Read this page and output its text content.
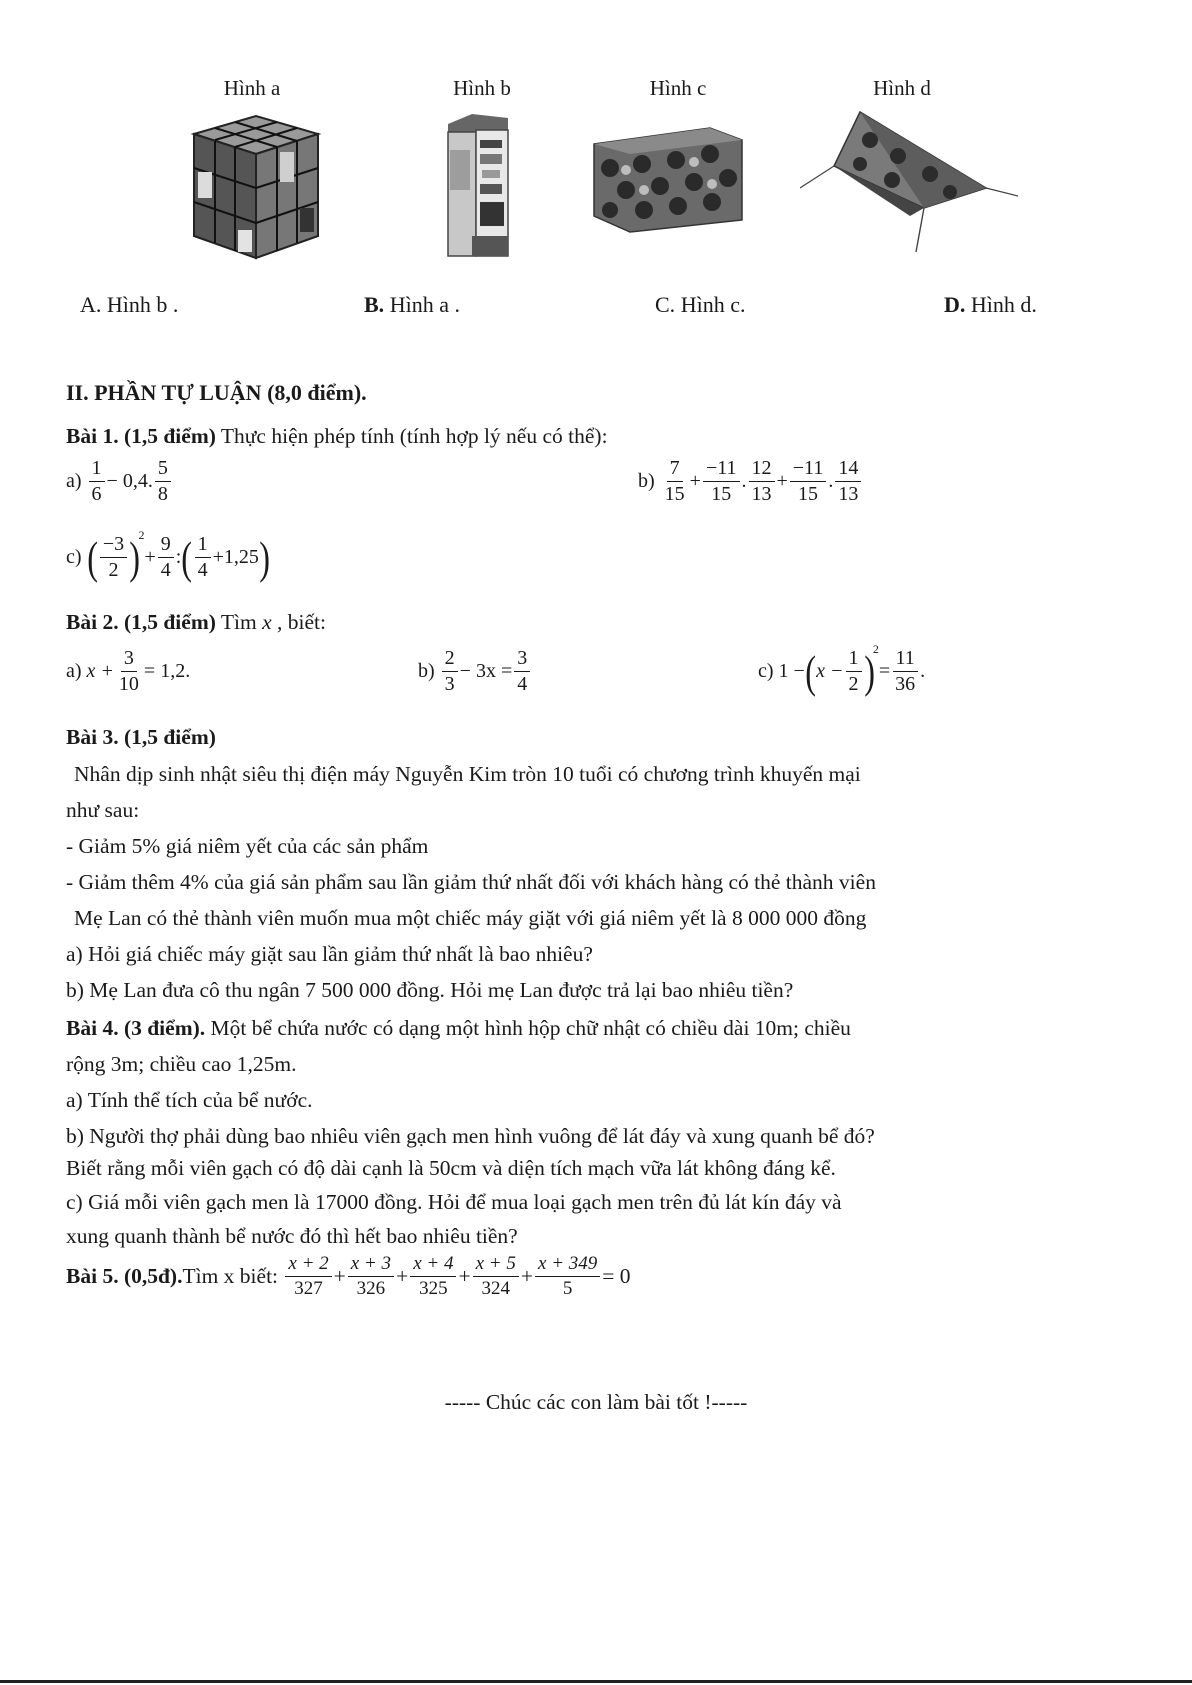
Hình a	Hình b	Hình c	Hình d
A. Hình b .	B. Hình a .	C. Hình c.	D. Hình d.
II. PHẦN TỰ LUẬN (8,0 điểm).
Bài 1. (1,5 điểm) Thực hiện phép tính (tính hợp lý nếu có thể):
a)
$\frac{1}{6} - 0,4$. $\frac{5}{8}$	b)
$\frac{7}{15} + \frac{-11}{15}$ . $\frac{12}{13} + \frac{-11}{15}$ . $\frac{14}{13}$
c)
( $\frac{-3}{2}$ )
2
+ $\frac{9}{4}$ : ( $\frac{1}{4} +1,25$ )
Bài 2. (1,5 điểm) Tìm x , biết:
a)
$x + \frac{3}{10} = 1,2$.	b)
$\frac{2}{3} - 3x = \frac{3}{4}$	c)
1 − ( $x - \frac{1}{2}$ )
2
= $\frac{11}{36}$ .
Bài 3. (1,5 điểm)
Nhân dịp sinh nhật siêu thị điện máy Nguyễn Kim tròn 10 tuổi có chương trình khuyến mại
như sau:
- Giảm 5% giá niêm yết của các sản phẩm
- Giảm thêm 4% của giá sản phẩm sau lần giảm thứ nhất đối với khách hàng có thẻ thành viên
Mẹ Lan có thẻ thành viên muốn mua một chiếc máy giặt với giá niêm yết là 8 000 000 đồng
a) Hỏi giá chiếc máy giặt sau lần giảm thứ nhất là bao nhiêu?
b) Mẹ Lan đưa cô thu ngân 7 500 000 đồng. Hỏi mẹ Lan được trả lại bao nhiêu tiền?
Bài 4. (3 điểm). Một bể chứa nước có dạng một hình hộp chữ nhật có chiều dài 10m; chiều
rộng 3m; chiều cao 1,25m.
a) Tính thể tích của bể nước.
b) Người thợ phải dùng bao nhiêu viên gạch men hình vuông để lát đáy và xung quanh bể đó?
Biết rằng mỗi viên gạch có độ dài cạnh là 50cm và diện tích mạch vữa lát không đáng kể.
c) Giá mỗi viên gạch men là 17000 đồng. Hỏi để mua loại gạch men trên đủ lát kín đáy và
xung quanh thành bể nước đó thì hết bao nhiêu tiền?
Bài 5. (0,5đ). Tìm x biết:
$\frac{x + 2}{327} + \frac{x + 3}{326} + \frac{x + 4}{325} + \frac{x + 5}{324} + \frac{x + 349}{5} = 0$
----- Chúc các con làm bài tốt !-----
